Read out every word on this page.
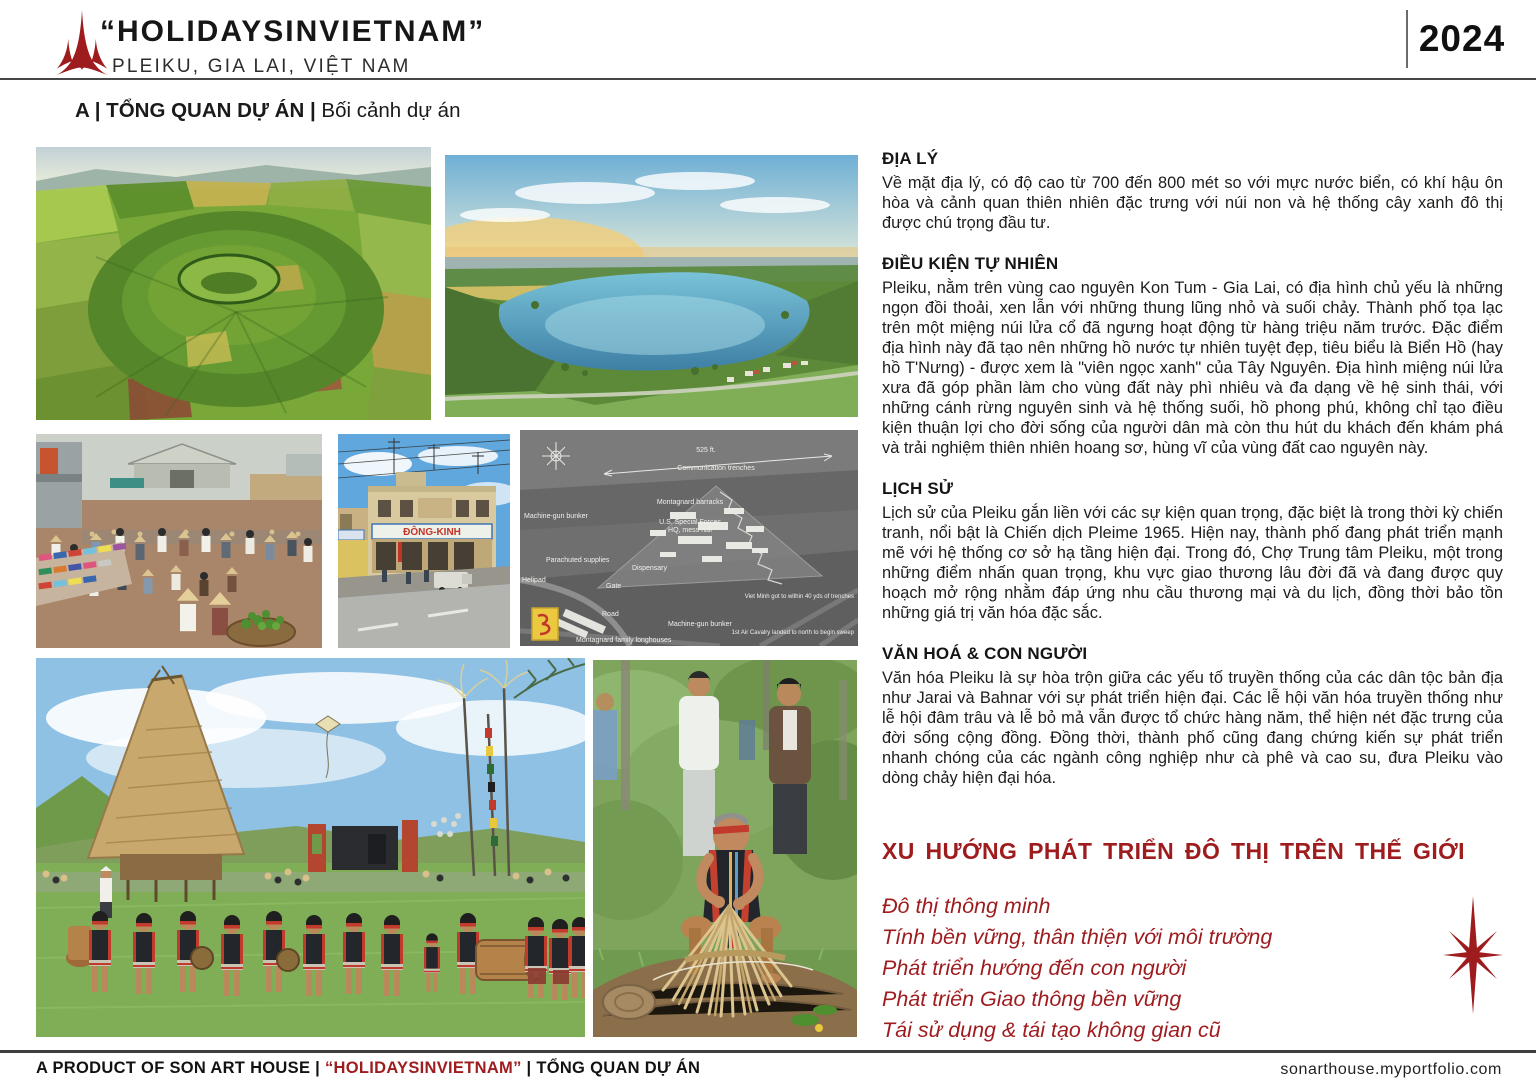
“HOLIDAYSINVIETNAM”
PLEIKU, GIA LAI, VIỆT NAM
2024
A | TỔNG QUAN DỰ ÁN | Bối cảnh dự án
ĐÔNG-KINH
525 ft.
Communication trenches
Montagnard barracks
U.S. Special Forces
HQ, mess hall
Machine-gun bunker
Parachuted supplies
Helipad
Gate
Dispensary
Road
Machine-gun bunker
Montagnard family longhouses
Viet Minh got to within 40 yds of trenches
1st Air Cavalry landed to north to begin sweep
ĐỊA LÝ

Về mặt địa lý, có độ cao từ 700 đến 800 mét so với mực nước biển, có khí hậu ôn hòa và cảnh quan thiên nhiên đặc trưng với núi non và hệ thống cây xanh đô thị được chú trọng đầu tư.

ĐIỀU KIỆN TỰ NHIÊN

Pleiku, nằm trên vùng cao nguyên Kon Tum - Gia Lai, có địa hình chủ yếu là những ngọn đồi thoải, xen lẫn với những thung lũng nhỏ và suối chảy. Thành phố tọa lạc trên một miệng núi lửa cổ đã ngưng hoạt động từ hàng triệu năm trước. Đặc điểm địa hình này đã tạo nên những hồ nước tự nhiên tuyệt đẹp, tiêu biểu là Biển Hồ (hay hồ T'Nưng) - được xem là "viên ngọc xanh" của Tây Nguyên. Địa hình miệng núi lửa xưa đã góp phần làm cho vùng đất này phì nhiêu và đa dạng về hệ sinh thái, với những cánh rừng nguyên sinh và hệ thống suối, hồ phong phú, không chỉ tạo điều kiện thuận lợi cho đời sống của người dân mà còn thu hút du khách đến khám phá và trải nghiệm thiên nhiên hoang sơ, hùng vĩ của vùng đất cao nguyên này.

LỊCH SỬ

Lịch sử của Pleiku gắn liền với các sự kiện quan trọng, đặc biệt là trong thời kỳ chiến tranh, nổi bật là Chiến dịch Pleime 1965. Hiện nay, thành phố đang phát triển mạnh mẽ với hệ thống cơ sở hạ tầng hiện đại. Trong đó, Chợ Trung tâm Pleiku, một trong những điểm nhấn quan trọng, khu vực giao thương lâu đời đã và đang được quy hoạch mở rộng nhằm đáp ứng nhu cầu thương mại và du lịch, đồng thời bảo tồn những giá trị văn hóa đặc sắc.

VĂN HOÁ & CON NGƯỜI

Văn hóa Pleiku là sự hòa trộn giữa các yếu tố truyền thống của các dân tộc bản địa như Jarai và Bahnar với sự phát triển hiện đại. Các lễ hội văn hóa truyền thống như lễ hội đâm trâu và lễ bỏ mả vẫn được tổ chức hàng năm, thể hiện nét đặc trưng của đời sống cộng đồng. Đồng thời, thành phố cũng đang chứng kiến sự phát triển nhanh chóng của các ngành công nghiệp như cà phê và cao su, đưa Pleiku vào dòng chảy hiện đại hóa.

XU HƯỚNG PHÁT TRIỂN ĐÔ THỊ TRÊN THẾ GIỚI
Đô thị thông minh
Tính bền vững, thân thiện với môi trường
Phát triển hướng đến con người
Phát triển Giao thông bền vững
Tái sử dụng & tái tạo không gian cũ
A PRODUCT OF SON ART HOUSE | “HOLIDAYSINVIETNAM” | TỔNG QUAN DỰ ÁN	sonarthouse.myportfolio.com
